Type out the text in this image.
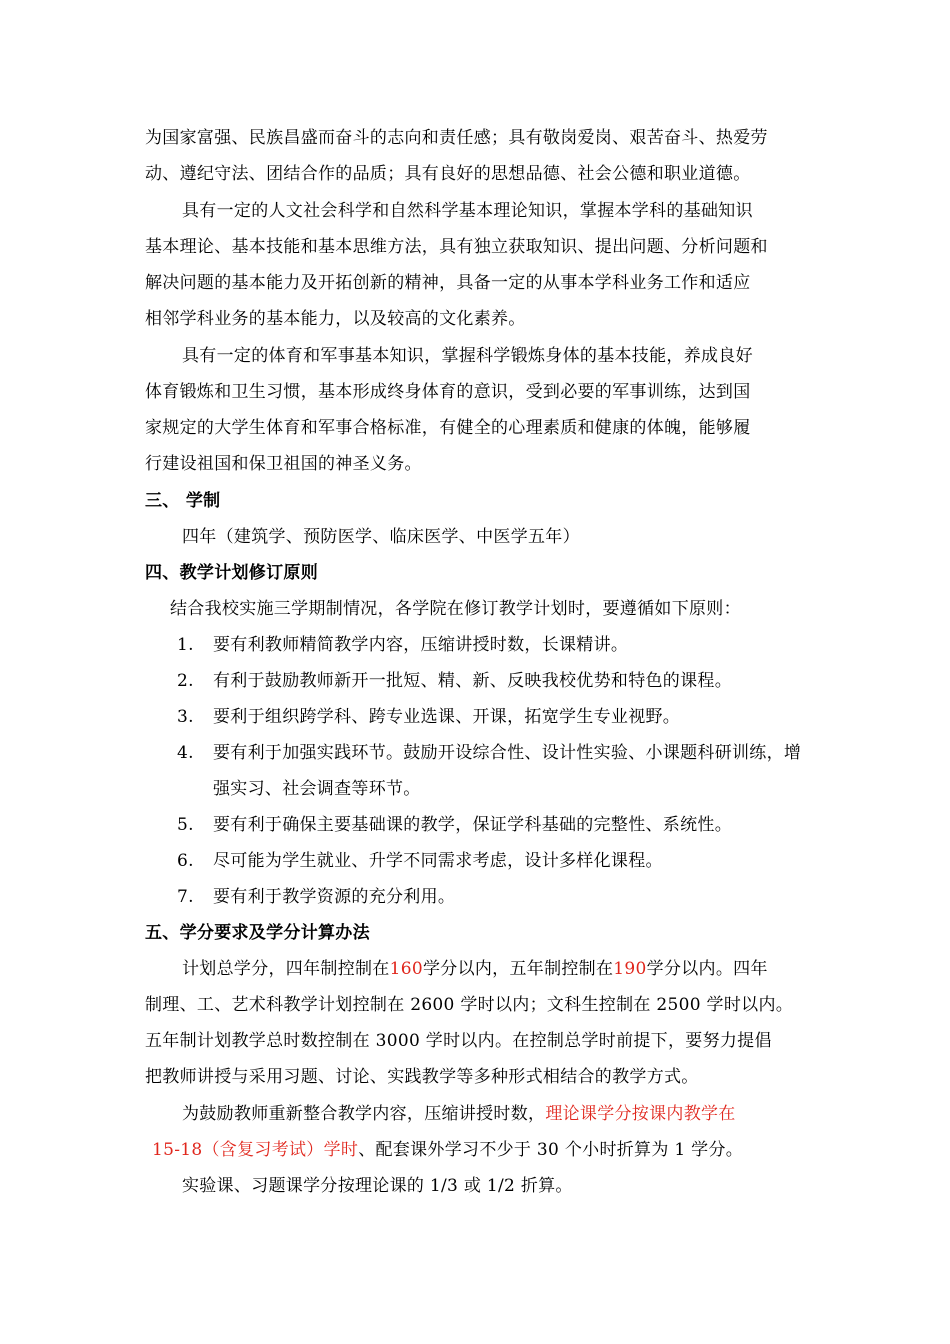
为国家富强、民族昌盛而奋斗的志向和责任感；具有敬岗爱岗、艰苦奋斗、热爱劳
动、遵纪守法、团结合作的品质；具有良好的思想品德、社会公德和职业道德。
具有一定的人文社会科学和自然科学基本理论知识，掌握本学科的基础知识
基本理论、基本技能和基本思维方法，具有独立获取知识、提出问题、分析问题和
解决问题的基本能力及开拓创新的精神，具备一定的从事本学科业务工作和适应
相邻学科业务的基本能力，以及较高的文化素养。
具有一定的体育和军事基本知识，掌握科学锻炼身体的基本技能，养成良好
体育锻炼和卫生习惯，基本形成终身体育的意识，受到必要的军事训练，达到国
家规定的大学生体育和军事合格标准，有健全的心理素质和健康的体魄，能够履
行建设祖国和保卫祖国的神圣义务。
三、 学制
四年（建筑学、预防医学、临床医学、中医学五年）
四、教学计划修订原则
结合我校实施三学期制情况，各学院在修订教学计划时，要遵循如下原则：
1. 要有利教师精简教学内容，压缩讲授时数，长课精讲。
2. 有利于鼓励教师新开一批短、精、新、反映我校优势和特色的课程。
3. 要利于组织跨学科、跨专业选课、开课，拓宽学生专业视野。
4. 要有利于加强实践环节。鼓励开设综合性、设计性实验、小课题科研训练，增
强实习、社会调查等环节。
5. 要有利于确保主要基础课的教学，保证学科基础的完整性、系统性。
6. 尽可能为学生就业、升学不同需求考虑，设计多样化课程。
7. 要有利于教学资源的充分利用。
五、学分要求及学分计算办法
计划总学分，四年制控制在160学分以内，五年制控制在190学分以内。四年
制理、工、艺术科教学计划控制在 2600 学时以内；文科生控制在 2500 学时以内。
五年制计划教学总时数控制在 3000 学时以内。在控制总学时前提下，要努力提倡
把教师讲授与采用习题、讨论、实践教学等多种形式相结合的教学方式。
为鼓励教师重新整合教学内容，压缩讲授时数，理论课学分按课内教学在
15-18（含复习考试）学时、配套课外学习不少于 30 个小时折算为 1 学分。
实验课、习题课学分按理论课的 1/3 或 1/2 折算。
